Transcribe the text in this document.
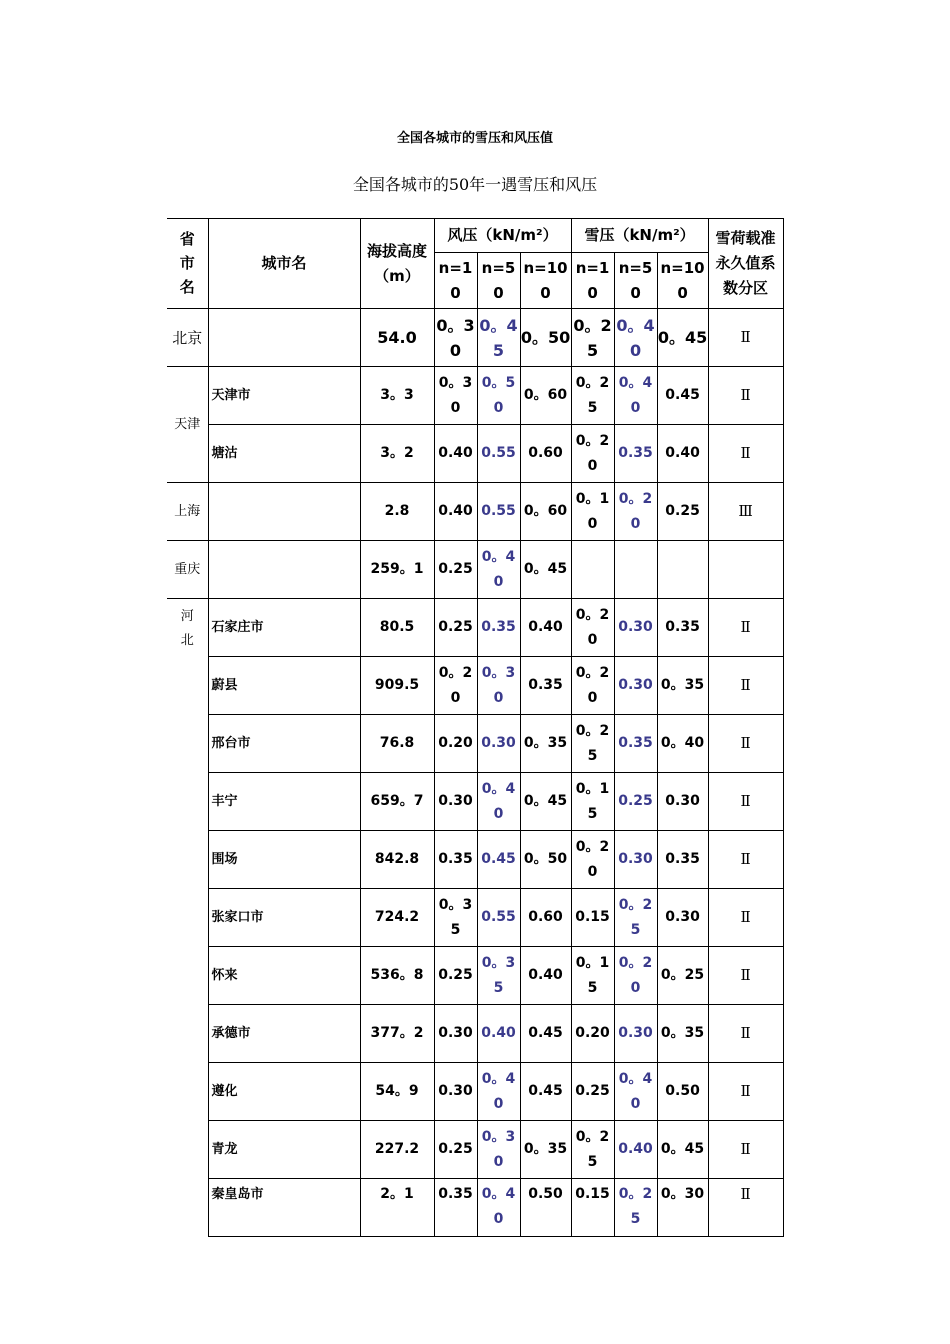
全国各城市的雪压和风压值
全国各城市的50年一遇雪压和风压
省市名	城市名	海拔高度（m）	风压（kN/m²）			雪压（kN/m²）			雪荷载准永久值系数分区
			n=10	n=50	n=100	n=10	n=50	n=100	
北京		54.0	0。30	0。45	0。50	0。25	0。40	0。45	Ⅱ
天津	天津市	3。3	0。30	0。50	0。60	0。25	0。40	0.45	Ⅱ
	塘沽	3。2	0.40	0.55	0.60	0。20	0.35	0.40	Ⅱ
上海		2.8	0.40	0.55	0。60	0。10	0。20	0.25	Ⅲ
重庆		259。1	0.25	0。40	0。45				
河北	石家庄市	80.5	0.25	0.35	0.40	0。20	0.30	0.35	Ⅱ
	蔚县	909.5	0。20	0。30	0.35	0。20	0.30	0。35	Ⅱ
	邢台市	76.8	0.20	0.30	0。35	0。25	0.35	0。40	Ⅱ
	丰宁	659。7	0.30	0。40	0。45	0。15	0.25	0.30	Ⅱ
	围场	842.8	0.35	0.45	0。50	0。20	0.30	0.35	Ⅱ
	张家口市	724.2	0。35	0.55	0.60	0.15	0。25	0.30	Ⅱ
	怀来	536。8	0.25	0。35	0.40	0。15	0。20	0。25	Ⅱ
	承德市	377。2	0.30	0.40	0.45	0.20	0.30	0。35	Ⅱ
	遵化	54。9	0.30	0。40	0.45	0.25	0。40	0.50	Ⅱ
	青龙	227.2	0.25	0。30	0。35	0。25	0.40	0。45	Ⅱ
	秦皇岛市	2。1	0.35	0。40	0.50	0.15	0。25	0。30	Ⅱ
